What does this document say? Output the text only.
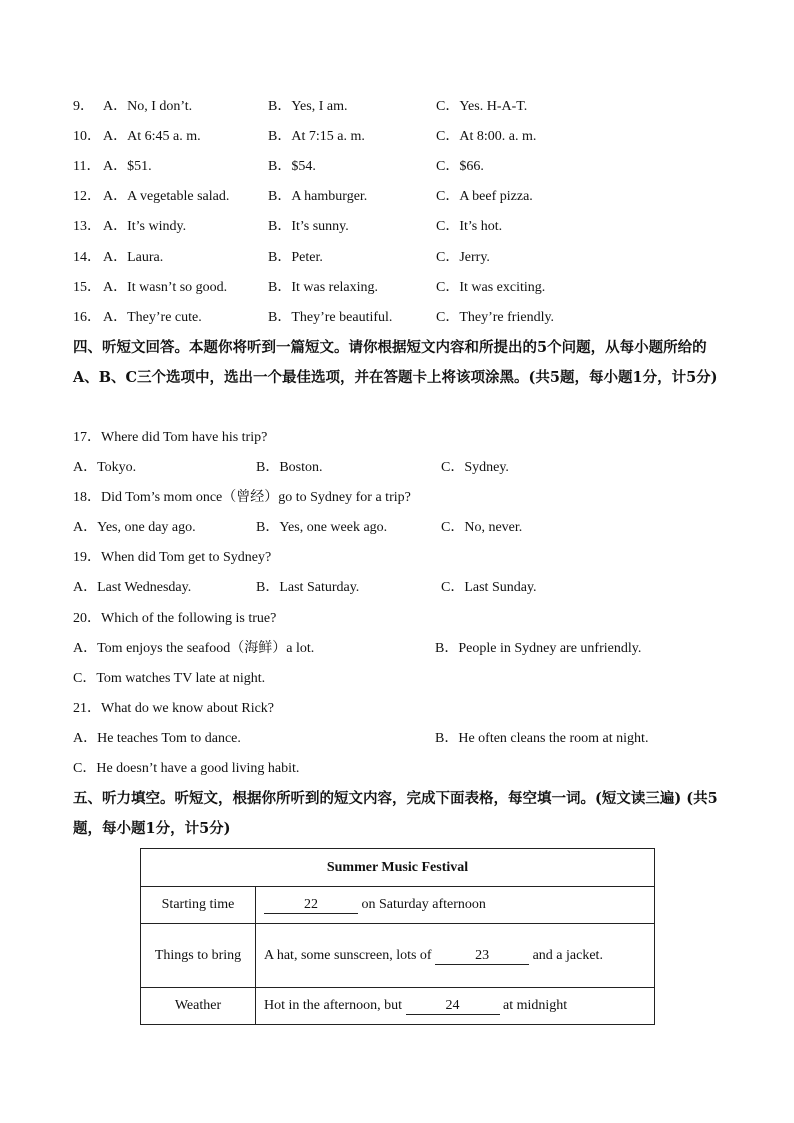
9． A．No, I don’t.	B．Yes, I am.	C．Yes. H-A-T.
10． A．At 6:45 a. m.	B．At 7:15 a. m.	C．At 8:00. a. m.
11． A．$51.	B．$54.	C．$66.
12． A．A vegetable salad.	B．A hamburger.	C．A beef pizza.
13． A．It’s windy.	B．It’s sunny.	C．It’s hot.
14． A．Laura.	B．Peter.	C．Jerry.
15． A．It wasn’t so good.	B．It was relaxing.	C．It was exciting.
16． A．They’re cute.	B．They’re beautiful.	C．They’re friendly.
四、听短文回答。本题你将听到一篇短文。请你根据短文内容和所提出的5个问题，从每小题所给的A、B、C三个选项中，选出一个最佳选项，并在答题卡上将该项涂黑。(共5题，每小题1分，计5分)
17．Where did Tom have his trip?
A．Tokyo.	B．Boston.	C．Sydney.
18．Did Tom’s mom once（曾经）go to Sydney for a trip?
A．Yes, one day ago.	B．Yes, one week ago.	C．No, never.
19．When did Tom get to Sydney?
A．Last Wednesday.	B．Last Saturday.	C．Last Sunday.
20．Which of the following is true?
A．Tom enjoys the seafood（海鲜）a lot.	B．People in Sydney are unfriendly.
C．Tom watches TV late at night.
21．What do we know about Rick?
A．He teaches Tom to dance.	B．He often cleans the room at night.
C．He doesn’t have a good living habit.
五、听力填空。听短文，根据你所听到的短文内容，完成下面表格，每空填一词。(短文读三遍) (共5题，每小题1分，计5分)
Summer Music Festival	
Starting time	22 on Saturday afternoon
Things to bring	A hat, some sunscreen, lots of 23 and a jacket.
Weather	Hot in the afternoon, but 24 at midnight
